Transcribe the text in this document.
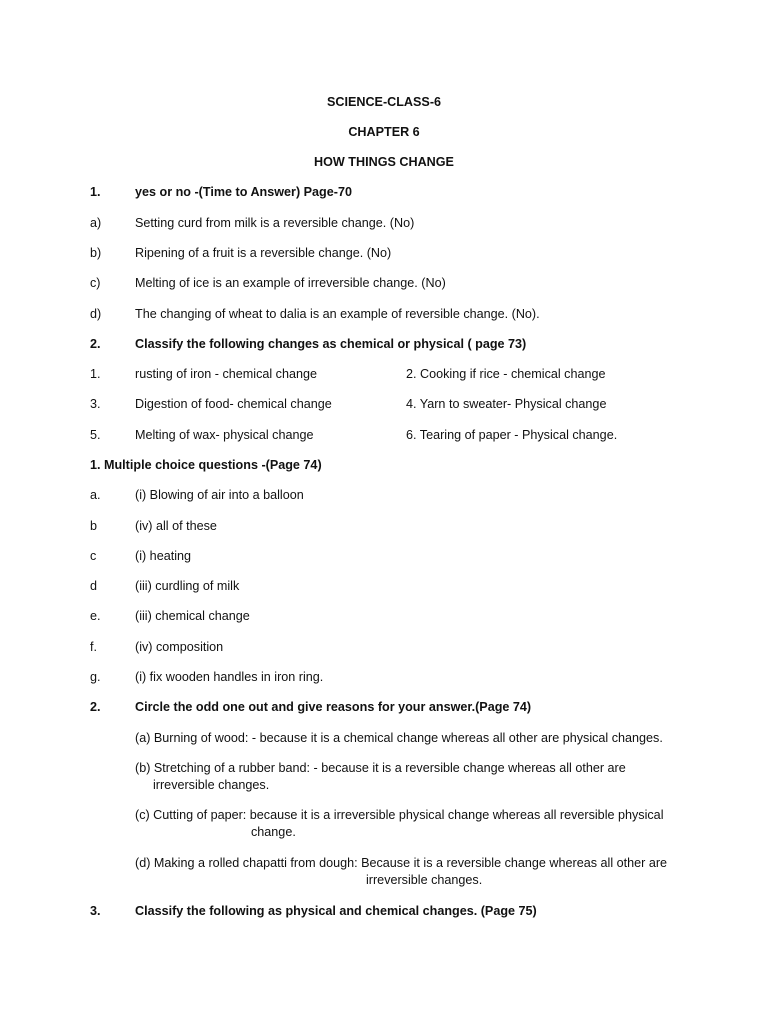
SCIENCE-CLASS-6
CHAPTER 6
HOW THINGS CHANGE
1.	yes or no -(Time to Answer) Page-70
a)	Setting curd from milk is a reversible change. (No)
b)	Ripening of a fruit is a reversible change. (No)
c)	Melting of ice is an example of irreversible change. (No)
d)	The changing of wheat to dalia is an example of reversible change. (No).
2.	Classify the following changes as chemical or physical ( page 73)
1.	rusting of iron - chemical change	2. Cooking if rice - chemical change
3.	Digestion of food- chemical change	4. Yarn to sweater- Physical change
5.	Melting of wax- physical change	6. Tearing of paper - Physical change.
1. Multiple choice questions -(Page 74)
a.	(i) Blowing of air into a balloon
b	(iv) all of these
c	(i) heating
d	(iii) curdling of milk
e.	(iii) chemical change
f.	(iv) composition
g.	(i) fix wooden handles in iron ring.
2.	Circle the odd one out and give reasons for your answer.(Page 74)
(a) Burning of wood: - because it is a chemical change whereas all other are physical changes.
(b) Stretching of a rubber band: - because it is a reversible change whereas all other are
irreversible changes.
(c) Cutting of paper: because it is a irreversible physical change whereas all reversible physical
change.
(d) Making a rolled chapatti from dough: Because it is a reversible change whereas all other are
irreversible changes.
3.	Classify the following as physical and chemical changes. (Page 75)
